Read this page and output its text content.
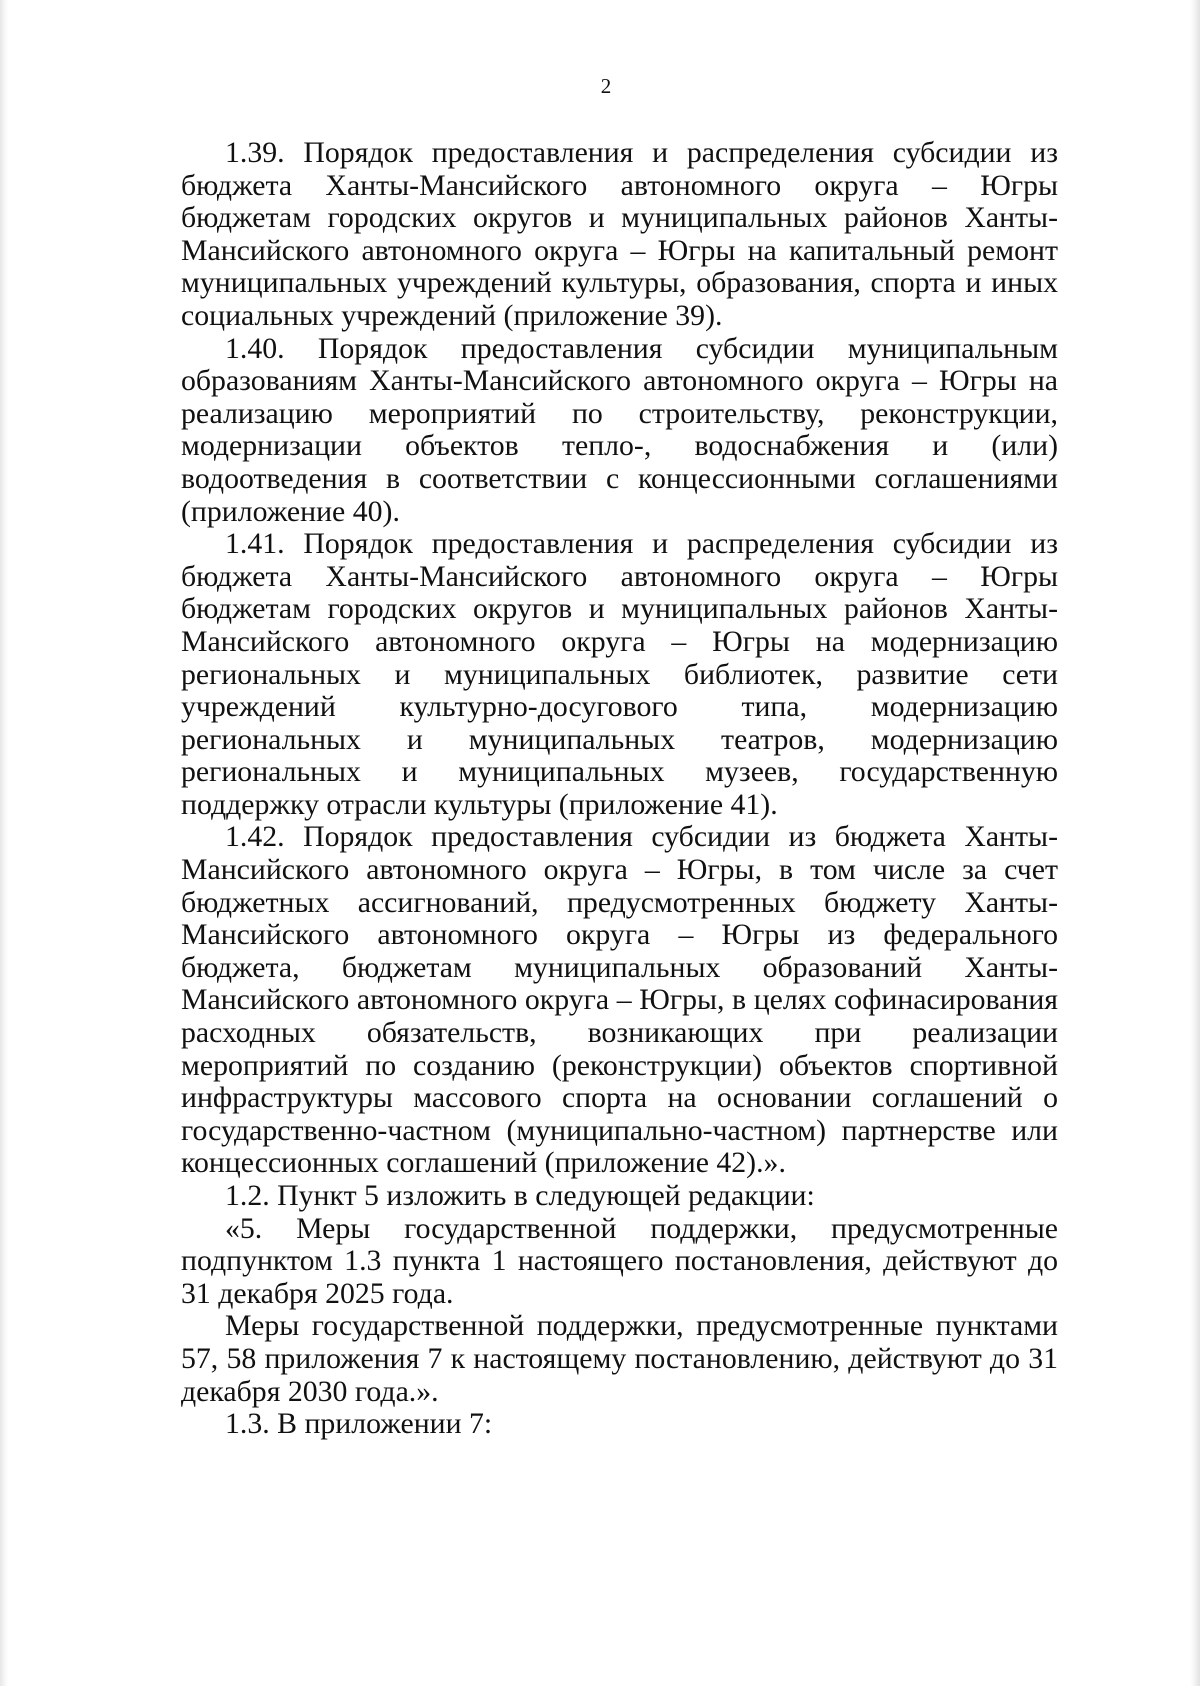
2

1.39. Порядок предоставления и распределения субсидии из бюджета Ханты-Мансийского автономного округа – Югры бюджетам городских округов и муниципальных районов Ханты-Мансийского автономного округа – Югры на капитальный ремонт муниципальных учреждений культуры, образования, спорта и иных социальных учреждений (приложение 39).

1.40. Порядок предоставления субсидии муниципальным образованиям Ханты-Мансийского автономного округа – Югры на реализацию мероприятий по строительству, реконструкции, модернизации объектов тепло-, водоснабжения и (или) водоотведения в соответствии с концессионными соглашениями (приложение 40).

1.41. Порядок предоставления и распределения субсидии из бюджета Ханты-Мансийского автономного округа – Югры бюджетам городских округов и муниципальных районов Ханты-Мансийского автономного округа – Югры на модернизацию региональных и муниципальных библиотек, развитие сети учреждений культурно-досугового типа, модернизацию региональных и муниципальных театров, модернизацию региональных и муниципальных музеев, государственную поддержку отрасли культуры (приложение 41).

1.42. Порядок предоставления субсидии из бюджета Ханты-Мансийского автономного округа – Югры, в том числе за счет бюджетных ассигнований, предусмотренных бюджету Ханты-Мансийского автономного округа – Югры из федерального бюджета, бюджетам муниципальных образований Ханты-Мансийского автономного округа – Югры, в целях софинасирования расходных обязательств, возникающих при реализации мероприятий по созданию (реконструкции) объектов спортивной инфраструктуры массового спорта на основании соглашений о государственно-частном (муниципально-частном) партнерстве или концессионных соглашений (приложение 42).».

1.2. Пункт 5 изложить в следующей редакции:

«5. Меры государственной поддержки, предусмотренные подпунктом 1.3 пункта 1 настоящего постановления, действуют до 31 декабря 2025 года.

Меры государственной поддержки, предусмотренные пунктами 57, 58 приложения 7 к настоящему постановлению, действуют до 31 декабря 2030 года.».

1.3. В приложении 7:
